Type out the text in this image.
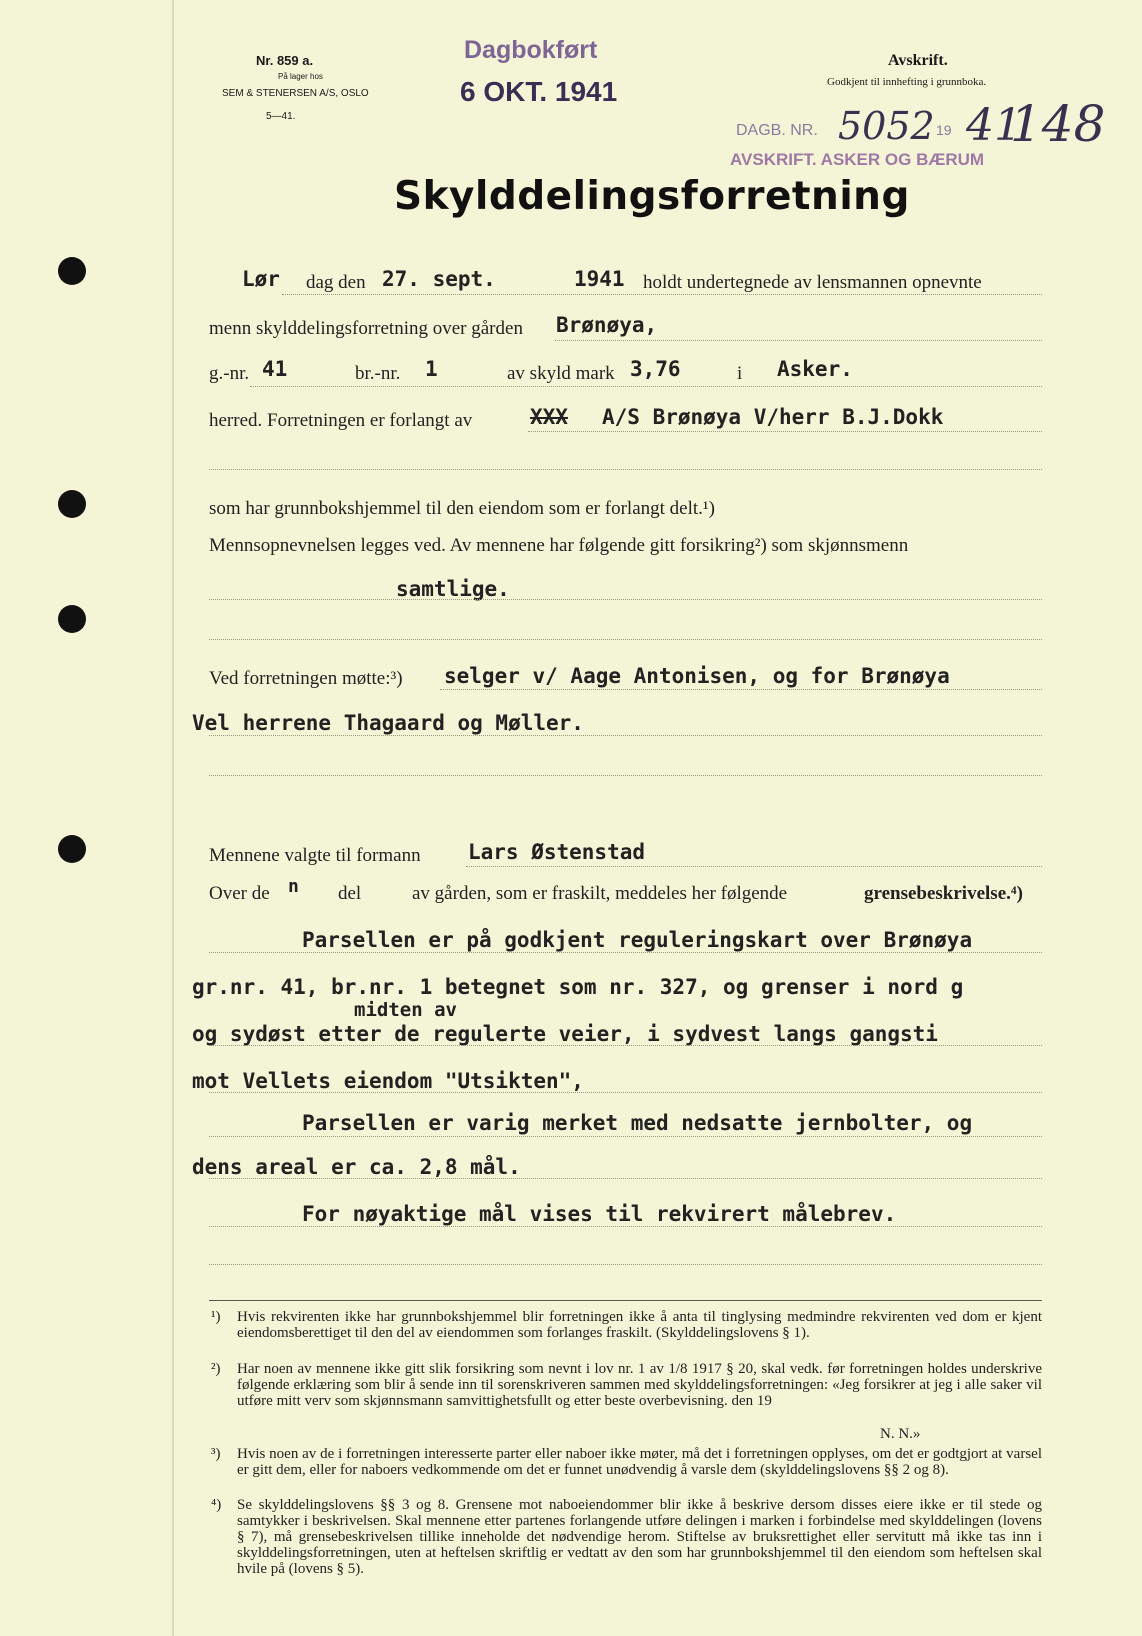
Nr. 859 a.
På lager hos
SEM & STENERSEN A/S, OSLO
5—41.
Dagbokført
6 OKT. 1941
Avskrift.
Godkjent til innhefting i grunnboka.
DAGB. NR. 5052 19 41
148
AVSKRIFT. ASKER OG BÆRUM
Skylddelingsforretning
Lør dag den 27. sept.	1941 holdt undertegnede av lensmannen opnevnte
menn skylddelingsforretning over gården Brønøya,
g.-nr. 41	br.-nr. 1	av skyld mark 3,76	i Asker.
herred. Forretningen er forlangt av	XXX A/S Brønøya V/herr B.J.Dokk
som har grunnbokshjemmel til den eiendom som er forlangt delt.¹)
Mennsopnevnelsen legges ved. Av mennene har følgende gitt forsikring²) som skjønnsmenn
samtlige.
Ved forretningen møtte:³) selger v/ Aage Antonisen, og for Brønøya
Vel herrene Thagaard og Møller.
Mennene valgte til formann Lars Østenstad
Over de n del	av gården, som er fraskilt, meddeles her følgende	grensebeskrivelse.⁴)
Parsellen er på godkjent reguleringskart over Brønøya
gr.nr. 41, br.nr. 1 betegnet som nr. 327, og grenser i nord g
midten av
og sydøst etter de regulerte veier, i sydvest langs gangsti
mot Vellets eiendom "Utsikten",
Parsellen er varig merket med nedsatte jernbolter, og
dens areal er ca. 2,8 mål.
For nøyaktige mål vises til rekvirert målebrev.
¹) Hvis rekvirenten ikke har grunnbokshjemmel blir forretningen ikke å anta til tinglysing medmindre rekvirenten ved dom er kjent eiendomsberettiget til den del av eiendommen som forlanges fraskilt. (Skylddelingslovens § 1).
²) Har noen av mennene ikke gitt slik forsikring som nevnt i lov nr. 1 av 1/8 1917 § 20, skal vedk. før forretningen holdes underskrive følgende erklæring som blir å sende inn til sorenskriveren sammen med skylddelingsforretningen: «Jeg forsikrer at jeg i alle saker vil utføre mitt verv som skjønnsmann samvittighetsfullt og etter beste overbevisning. den 19
N. N.»
³) Hvis noen av de i forretningen interesserte parter eller naboer ikke møter, må det i forretningen opplyses, om det er godtgjort at varsel er gitt dem, eller for naboers vedkommende om det er funnet unødvendig å varsle dem (skylddelingslovens §§ 2 og 8).
⁴) Se skylddelingslovens §§ 3 og 8. Grensene mot naboeiendommer blir ikke å beskrive dersom disses eiere ikke er til stede og samtykker i beskrivelsen. Skal mennene etter partenes forlangende utføre delingen i marken i forbindelse med skylddelingen (lovens § 7), må grensebeskrivelsen tillike inneholde det nødvendige herom. Stiftelse av bruksrettighet eller servitutt må ikke tas inn i skylddelingsforretningen, uten at heftelsen skriftlig er vedtatt av den som har grunnbokshjemmel til den eiendom som heftelsen skal hvile på (lovens § 5).
